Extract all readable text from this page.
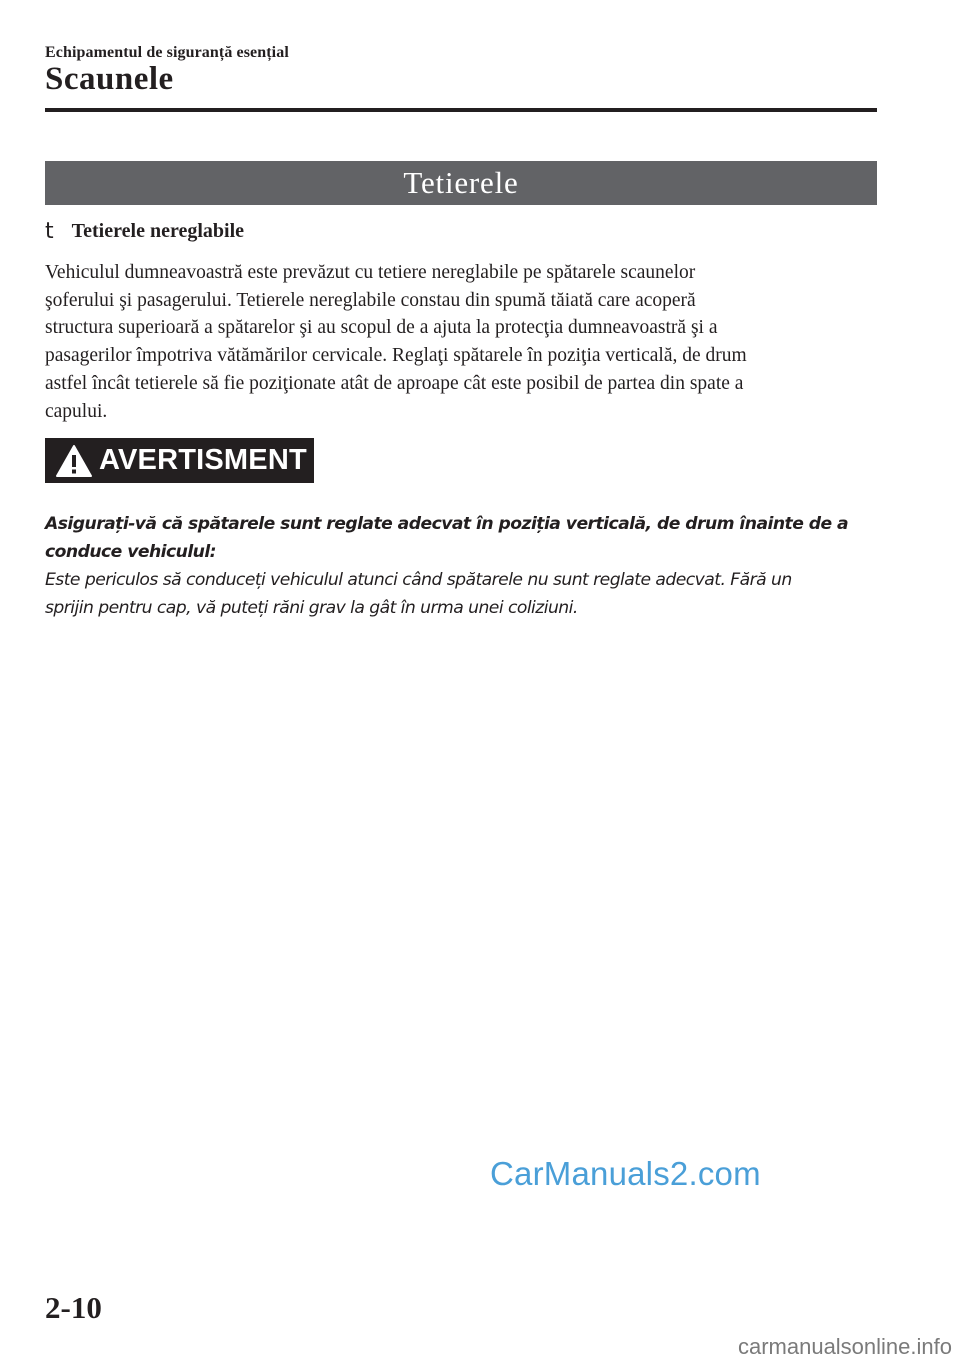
Echipamentul de siguranță esențial
Scaunele
Tetierele
t Tetierele nereglabile

Vehiculul dumneavoastră este prevăzut cu tetiere nereglabile pe spătarele scaunelor
şoferului şi pasagerului. Tetierele nereglabile constau din spumă tăiată care acoperă
structura superioară a spătarelor şi au scopul de a ajuta la protecţia dumneavoastră şi a
pasagerilor împotriva vătămărilor cervicale. Reglaţi spătarele în poziţia verticală, de drum
astfel încât tetierele să fie poziţionate atât de aproape cât este posibil de partea din spate a
capului.

AVERTISMENT
Asigurați-vă că spătarele sunt reglate adecvat în poziția verticală, de drum înainte de a
conduce vehiculul:
Este periculos să conduceți vehiculul atunci când spătarele nu sunt reglate adecvat. Fără un
sprijin pentru cap, vă puteți răni grav la gât în urma unei coliziuni.
CarManuals2.com
2-10
carmanualsonline.info
